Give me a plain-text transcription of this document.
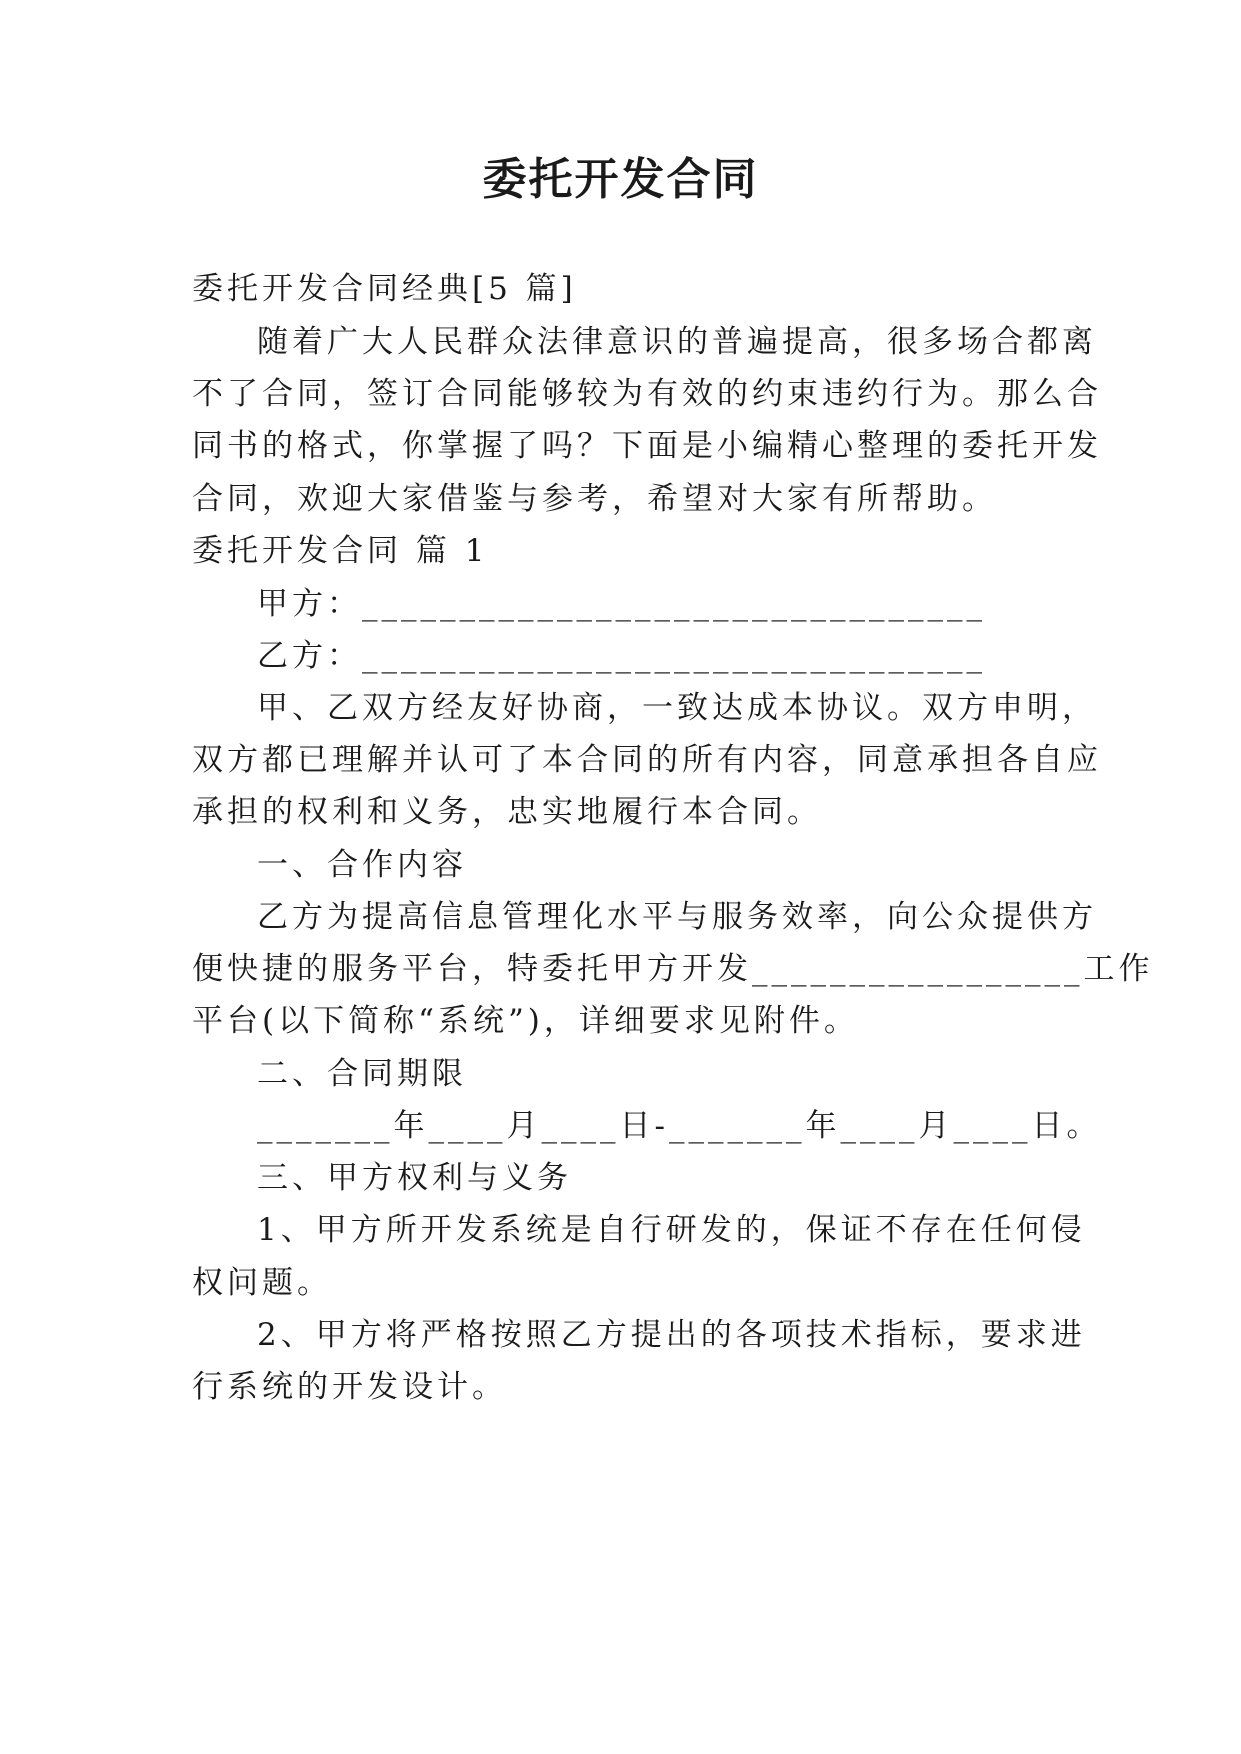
委托开发合同

委托开发合同经典[5 篇]

随着广大人民群众法律意识的普遍提高，很多场合都离

不了合同，签订合同能够较为有效的约束违约行为。那么合

同书的格式，你掌握了吗？下面是小编精心整理的委托开发

合同，欢迎大家借鉴与参考，希望对大家有所帮助。

委托开发合同 篇 1

甲方：________________________________

乙方：________________________________

甲、乙双方经友好协商，一致达成本协议。双方申明，

双方都已理解并认可了本合同的所有内容，同意承担各自应

承担的权利和义务，忠实地履行本合同。

一、合作内容

乙方为提高信息管理化水平与服务效率，向公众提供方

便快捷的服务平台，特委托甲方开发_________________工作

平台(以下简称“系统”)，详细要求见附件。

二、合同期限

_______年____月____日-_______年____月____日。

三、甲方权利与义务

1、甲方所开发系统是自行研发的，保证不存在任何侵

权问题。

2、甲方将严格按照乙方提出的各项技术指标，要求进

行系统的开发设计。
